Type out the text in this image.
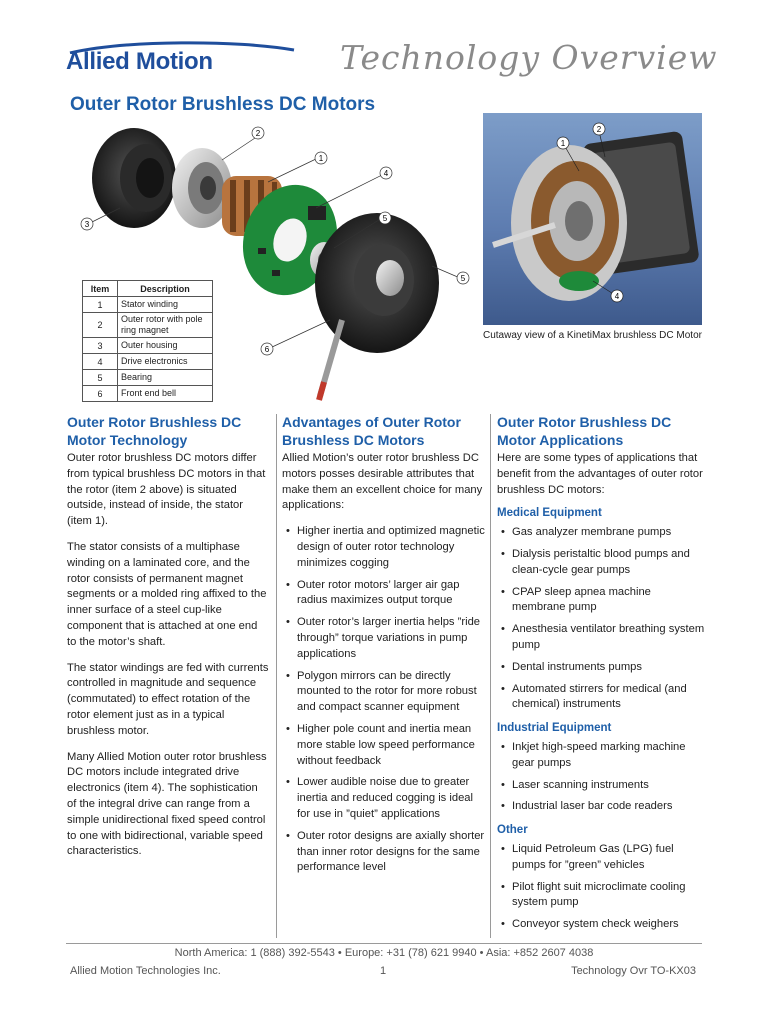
Allied Motion	Technology Overview
Outer Rotor Brushless DC Motors
2
1
4
5
3
5
6
Item	Description
1	Stator winding
2	Outer rotor with pole ring magnet
3	Outer housing
4	Drive electronics
5	Bearing
6	Front end bell
1
2
4
Cutaway view of a KinetiMax brushless DC Motor
Outer Rotor Brushless DC Motor Technology

Outer rotor brushless DC motors differ from typical brushless DC motors in that the rotor (item 2 above) is situated outside, instead of inside, the stator (item 1).

The stator consists of a multiphase winding on a laminated core, and the rotor consists of permanent magnet segments or a molded ring affixed to the inner surface of a steel cup-like component that is attached at one end to the motor’s shaft.

The stator windings are fed with currents controlled in magnitude and sequence (commutated) to effect rotation of the rotor element just as in a typical brushless motor.

Many Allied Motion outer rotor brushless DC motors include integrated drive electronics (item 4). The sophistication of the integral drive can range from a simple unidirectional fixed speed control to one with bidirectional, variable speed characteristics.

Advantages of Outer Rotor Brushless DC Motors

Allied Motion’s outer rotor brushless DC motors posses desirable attributes that make them an excellent choice for many applications:

• Higher inertia and optimized magnetic design of outer rotor technology minimizes cogging
• Outer rotor motors’ larger air gap radius maximizes output torque
• Outer rotor’s larger inertia helps ”ride through” torque variations in pump applications
• Polygon mirrors can be directly mounted to the rotor for more robust and compact scanner equipment
• Higher pole count and inertia mean more stable low speed performance without feedback
• Lower audible noise due to greater inertia and reduced cogging is ideal for use in ”quiet” applications
• Outer rotor designs are axially shorter than inner rotor designs for the same performance level
Outer Rotor Brushless DC Motor Applications

Here are some types of applications that benefit from the advantages of outer rotor brushless DC motors:

Medical Equipment
• Gas analyzer membrane pumps
• Dialysis peristaltic blood pumps and clean-cycle gear pumps
• CPAP sleep apnea machine membrane pump
• Anesthesia ventilator breathing system pump
• Dental instruments pumps
• Automated stirrers for medical (and chemical) instruments
Industrial Equipment
• Inkjet high-speed marking machine gear pumps
• Laser scanning instruments
• Industrial laser bar code readers
Other
• Liquid Petroleum Gas (LPG) fuel pumps for ”green” vehicles
• Pilot flight suit microclimate cooling system pump
• Conveyor system check weighers
North America: 1 (888) 392-5543 • Europe: +31 (78) 621 9940 • Asia: +852 2607 4038
Allied Motion Technologies Inc.	1	Technology Ovr TO-KX03
